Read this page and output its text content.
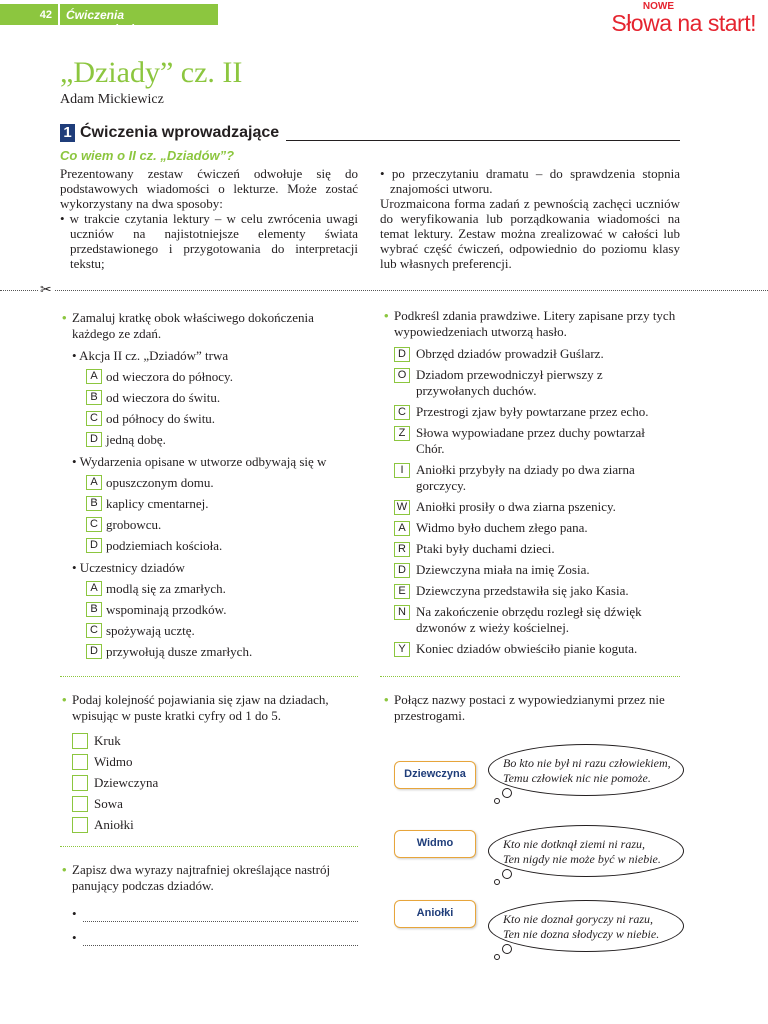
42	Ćwiczenia wprowadzające
NOWE
Słowa na start!
„Dziady” cz. II
Adam Mickiewicz
1 Ćwiczenia wprowadzające
Co wiem o II cz. „Dziadów”?

Prezentowany zestaw ćwiczeń odwołuje się do podstawowych wiadomości o lekturze. Może zostać wykorzystany na dwa sposoby:

• w trakcie czytania lektury – w celu zwrócenia uwagi uczniów na najistotniejsze elementy świata przedstawionego i przygotowania do interpretacji tekstu;

• po przeczytaniu dramatu – do sprawdzenia stopnia znajomości utworu.

Urozmaicona forma zadań z pewnością zachęci uczniów do weryfikowania lub porządkowania wiadomości na temat lektury. Zestaw można zrealizować w całości lub wybrać część ćwiczeń, odpowiednio do poziomu klasy lub własnych preferencji.

✂
• Zamaluj kratkę obok właściwego dokończenia każdego ze zdań.
• Akcja II cz. „Dziadów” trwa
A od wieczora do północy.
B od wieczora do świtu.
C od północy do świtu.
D jedną dobę.
• Wydarzenia opisane w utworze odbywają się w
A opuszczonym domu.
B kaplicy cmentarnej.
C grobowcu.
D podziemiach kościoła.
• Uczestnicy dziadów
A modlą się za zmarłych.
B wspominają przodków.
C spożywają ucztę.
D przywołują dusze zmarłych.
• Podkreśl zdania prawdziwe. Litery zapisane przy tych wypowiedzeniach utworzą hasło.
D Obrzęd dziadów prowadził Guślarz.
O Dziadom przewodniczył pierwszy z przywołanych duchów.
C Przestrogi zjaw były powtarzane przez echo.
Z Słowa wypowiadane przez duchy powtarzał Chór.
I Aniołki przybyły na dziady po dwa ziarna gorczycy.
W Aniołki prosiły o dwa ziarna pszenicy.
A Widmo było duchem złego pana.
R Ptaki były duchami dzieci.
D Dziewczyna miała na imię Zosia.
E Dziewczyna przedstawiła się jako Kasia.
N Na zakończenie obrzędu rozległ się dźwięk dzwonów z wieży kościelnej.
Y Koniec dziadów obwieściło pianie koguta.
• Podaj kolejność pojawiania się zjaw na dziadach, wpisując w puste kratki cyfry od 1 do 5.
Kruk
Widmo
Dziewczyna
Sowa
Aniołki
• Zapisz dwa wyrazy najtrafniej określające nastrój panujący podczas dziadów.
•
•
• Połącz nazwy postaci z wypowiedzianymi przez nie przestrogami.
Dziewczyna
Widmo
Aniołki
Bo kto nie był ni razu człowiekiem,
Temu człowiek nic nie pomoże.
Kto nie dotknął ziemi ni razu,
Ten nigdy nie może być w niebie.
Kto nie doznał goryczy ni razu,
Ten nie dozna słodyczy w niebie.
